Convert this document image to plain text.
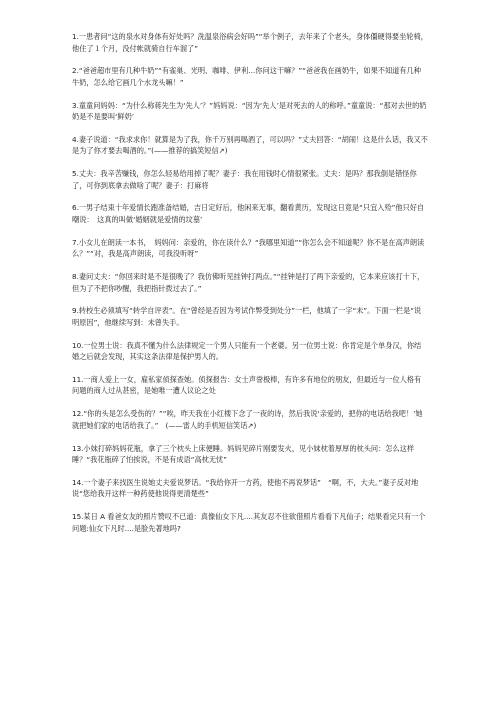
1.一患者问“这的泉水对身体有好处吗？洗温泉浴病会好吗”“举个例子，去年来了个老头，身体僵硬得要坐轮椅，他住了１个月，没付帐就骑自行车溜了”

2.“爸爸超市里有几种牛奶”“有雀巢、光明、咖啡、伊利…你问这干嘛？”“爸爸我在画奶牛，如果不知道有几种牛奶，怎么给它画几个水龙头嘛！”

3.童童问妈妈：“为什么称蒋先生为‘先人’？”妈妈说：“因为‘先人’是对死去的人的称呼。”童童说：“那对去世的奶奶是不是要叫‘鲜奶’

4.妻子说道：“我求求你！就算是为了我，你千万别再喝酒了，可以吗？”丈夫回答：“胡闹！这是什么话，我又不是为了你才要去喝酒的。”(——推荐的搞笑短信↗)

5.丈夫：我辛苦赚钱，你怎么轻易给用掉了呢？妻子：我在用钱时心情很紧张。丈夫：是吗？那我倒是错怪你了，可你到底拿去做啥了呢？妻子：打麻将

6.一男子结束十年爱情长跑准备结婚，吉日定好后，他闲来无事，翻看黄历，发现这日竟是“只宜入殓”他只好自嘲说：　这真的叫做‘婚姻就是爱情的坟墓’

7.小女儿在朗读一本书，　妈妈问：亲爱的，你在读什么？“我哪里知道”“你怎么会不知道呢？你不是在高声朗读么？”“对，我是高声朗读，可我没听呀”

8.妻问丈夫：“你回来时是不是很晚了？我仿佛听见挂钟打两点。”“挂钟是打了两下亲爱的，它本来应该打十下，但为了不把你吵醒，我把指针拨过去了。”

9.转校生必须填写“转学自评表”。在“曾经是否因为考试作弊受到处分”一栏，他填了一字“未”。下面一栏是“说明原因”，他继续写到：未曾失手。

10.一位男士说：我真不懂为什么法律规定一个男人只能有一个老婆。另一位男士说：你肯定是个单身汉，你结婚之后就会发现，其实这条法律是保护男人的。

11.一商人爱上一女，雇私家侦探查她。侦探报告：女士声誉极棒，有许多有地位的朋友，但最近与一位人格有问题的商人过从甚密，是她唯一遭人议论之处

12.“你的头是怎么受伤的？”“唉，昨天我在小红楼下念了一夜的诗，然后我说‘亲爱的，把你的电话给我吧！’她就把她们家的电话给我了。”　(——雷人的手机短信笑话↗)

13.小妹打碎妈妈花瓶，拿了三个枕头上床便睡。妈妈见碎片刚要发火，见小妹枕着厚厚的枕头问：怎么这样睡？“我花瓶碎了怕挨说，不是有成语“高枕无忧”

14.一个妻子来找医生说她丈夫爱说梦话。“我给你开一方药，使他不再说梦话”　“啊，不，大夫。”妻子反对地说“您给我开这样一种药使他说得更清楚些”

15.某日 A 看爸女友的照片赞叹不已道：真像仙女下凡....其友忍不住欲借照片看看下凡仙子；结果看完只有一个问题:仙女下凡时....是脸先著地吗?
